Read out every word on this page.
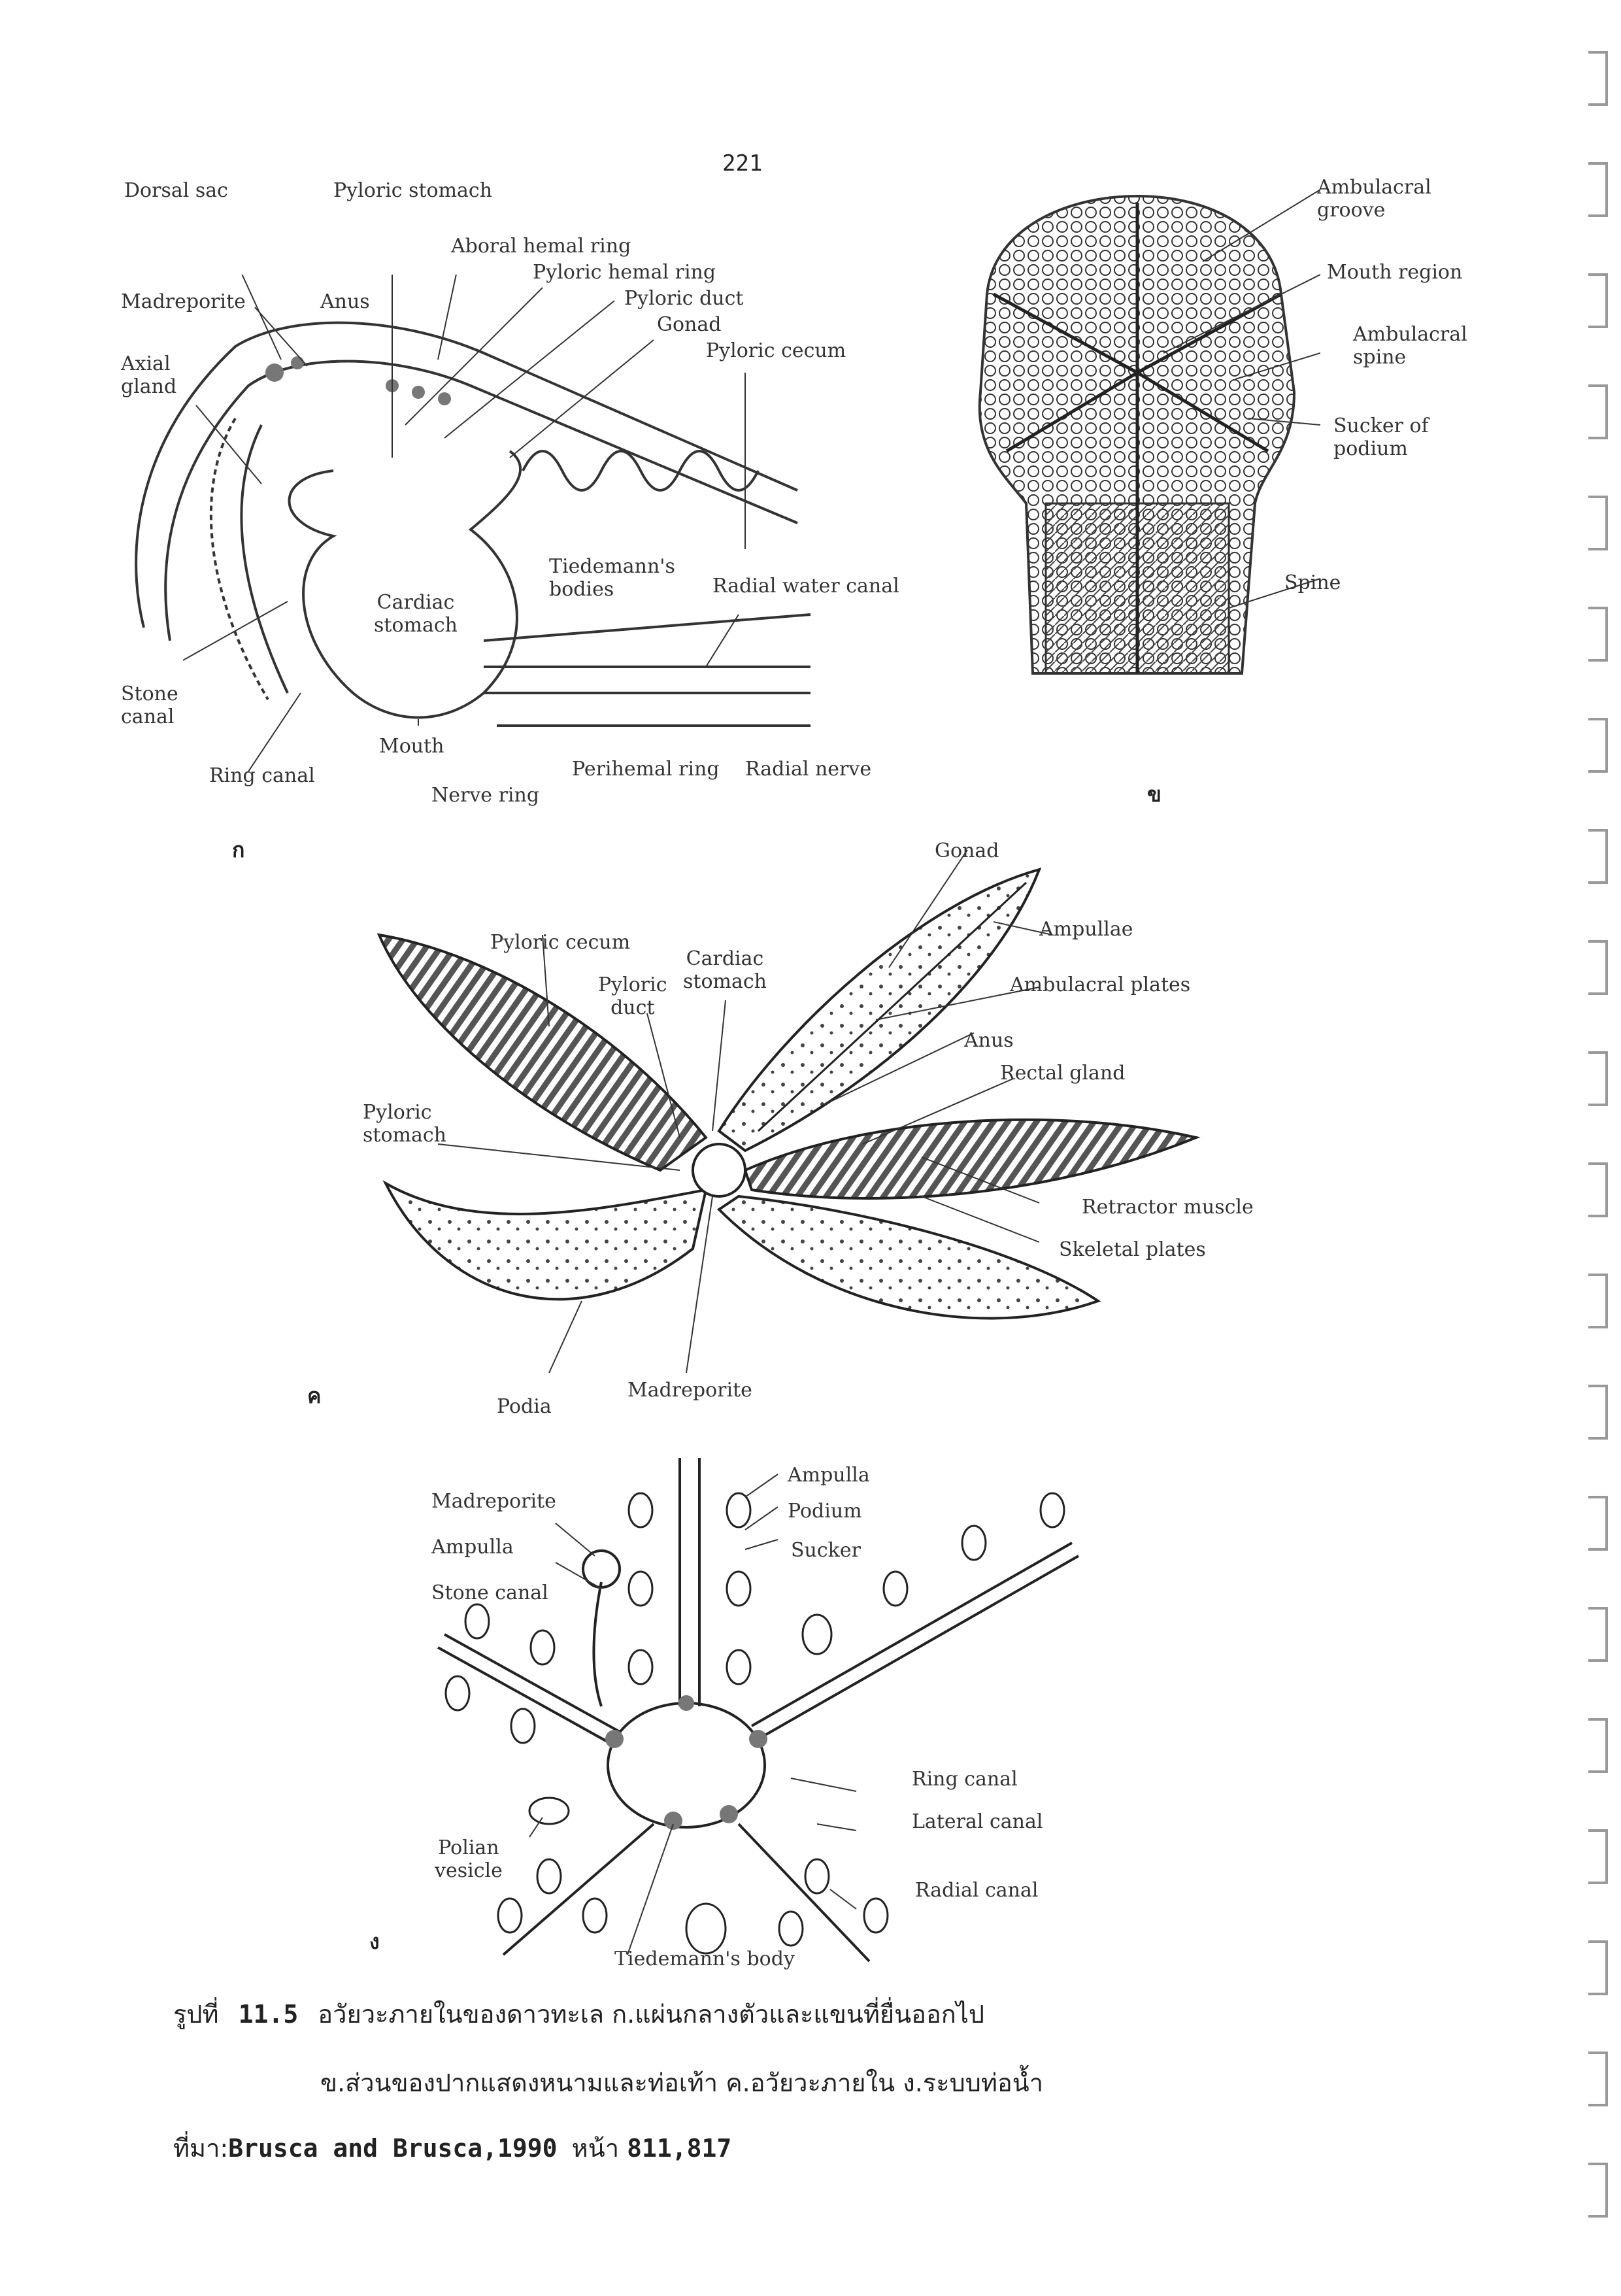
221
Dorsal sac	Pyloric stomach
Aboral hemal ring
Pyloric hemal ring
Madreporite	Anus	Pyloric duct
Gonad
Axial
gland
Pyloric cecum
Tiedemann's
bodies
Cardiac
stomach
Radial water canal
Stone
canal
Mouth
Perihemal ring Radial nerve
Ring canal
Nerve ring
ก
Ambulacral
groove
Mouth region
Ambulacral
spine
Sucker of
podium
Spine
ข
Gonad
Ampullae
Pyloric cecum
Cardiac
stomach
Pyloric
duct
Ambulacral plates
Anus
Rectal gland
Pyloric
stomach
Retractor muscle
Skeletal plates
Podia
Madreporite
ค
Ampulla
Podium
Madreporite
Sucker
Ampulla
Stone canal
Ring canal
Lateral canal
Polian
vesicle
Radial canal
Tiedemann's body
ง
รูปที่ 11.5 อวัยวะภายในของดาวทะเล ก.แผ่นกลางตัวและแขนที่ยื่นออกไป
ข.ส่วนของปากแสดงหนามและท่อเท้า ค.อวัยวะภายใน ง.ระบบท่อน้ำ
ที่มา:Brusca and Brusca,1990 หน้า 811,817
